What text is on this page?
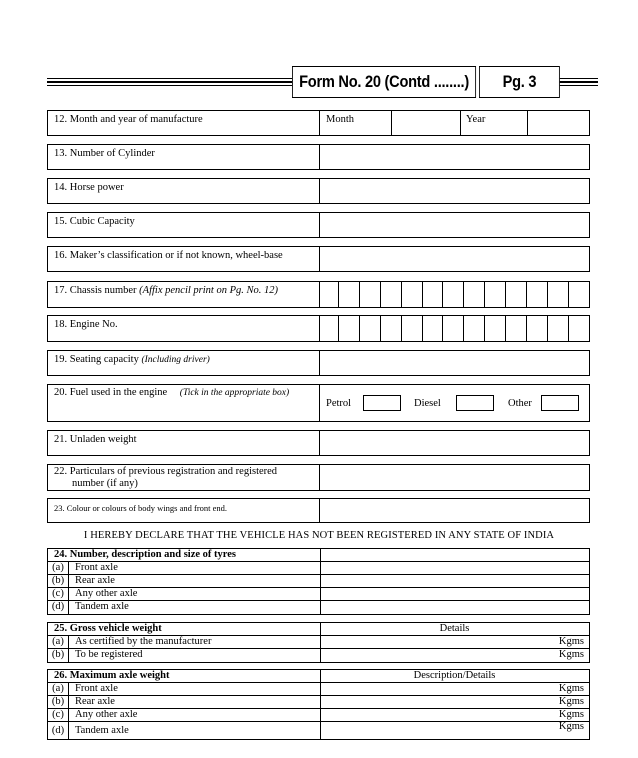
Form No. 20 (Contd ........) Pg. 3
12. Month and year of manufacture	Month	Year
13. Number of Cylinder
14. Horse power
15. Cubic Capacity
16. Maker’s classification or if not known, wheel-base
17. Chassis number (Affix pencil print on Pg. No. 12)
18. Engine No.
19. Seating capacity (Including driver)
20. Fuel used in the engine (Tick in the appropriate box)
Petrol	Diesel	Other
21. Unladen weight
22. Particulars of previous registration and registered
number (if any)
23. Colour or colours of body wings and front end.
I HEREBY DECLARE THAT THE VEHICLE HAS NOT BEEN REGISTERED IN ANY STATE OF INDIA
24. Number, description and size of tyres
(a)	Front axle
(b)	Rear axle
(c)	Any other axle
(d)	Tandem axle
25. Gross vehicle weight	Details
(a)	As certified by the manufacturer	Kgms
(b)	To be registered	Kgms
26. Maximum axle weight	Description/Details
(a)	Front axle	Kgms
(b)	Rear axle	Kgms
(c)	Any other axle	Kgms
(d)	Tandem axle	Kgms
